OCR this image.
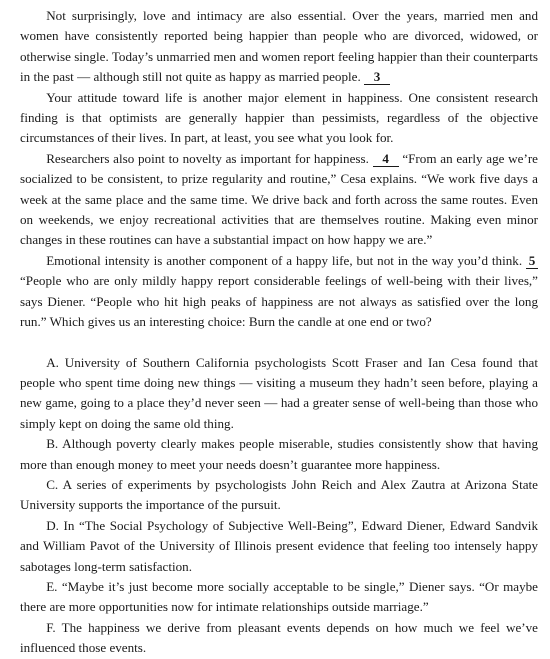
Not surprisingly, love and intimacy are also essential. Over the years, married men and women have consistently reported being happier than people who are divorced, widowed, or otherwise single. Today’s unmarried men and women report feeling happier than their counterparts in the past — although still not quite as happy as married people. 3

Your attitude toward life is another major element in happiness. One consistent research finding is that optimists are generally happier than pessimists, regardless of the objective circumstances of their lives. In part, at least, you see what you look for.

Researchers also point to novelty as important for happiness. 4 “From an early age we’re socialized to be consistent, to prize regularity and routine,” Cesa explains. “We work five days a week at the same place and the same time. We drive back and forth across the same routes. Even on weekends, we enjoy recreational activities that are themselves routine. Making even minor changes in these routines can have a substantial impact on how happy we are.”

Emotional intensity is another component of a happy life, but not in the way you’d think. 5 “People who are only mildly happy report considerable feelings of well-being with their lives,” says Diener. “People who hit high peaks of happiness are not always as satisfied over the long run.” Which gives us an interesting choice: Burn the candle at one end or two?

A. University of Southern California psychologists Scott Fraser and Ian Cesa found that people who spent time doing new things — visiting a museum they hadn’t seen before, playing a new game, going to a place they’d never seen — had a greater sense of well-being than those who simply kept on doing the same old thing.

B. Although poverty clearly makes people miserable, studies consistently show that having more than enough money to meet your needs doesn’t guarantee more happiness.

C. A series of experiments by psychologists John Reich and Alex Zautra at Arizona State University supports the importance of the pursuit.

D. In “The Social Psychology of Subjective Well-Being”, Edward Diener, Edward Sandvik and William Pavot of the University of Illinois present evidence that feeling too intensely happy sabotages long-term satisfaction.

E. “Maybe it’s just become more socially acceptable to be single,” Diener says. “Or maybe there are more opportunities now for intimate relationships outside marriage.”

F. The happiness we derive from pleasant events depends on how much we feel we’ve influenced those events.
